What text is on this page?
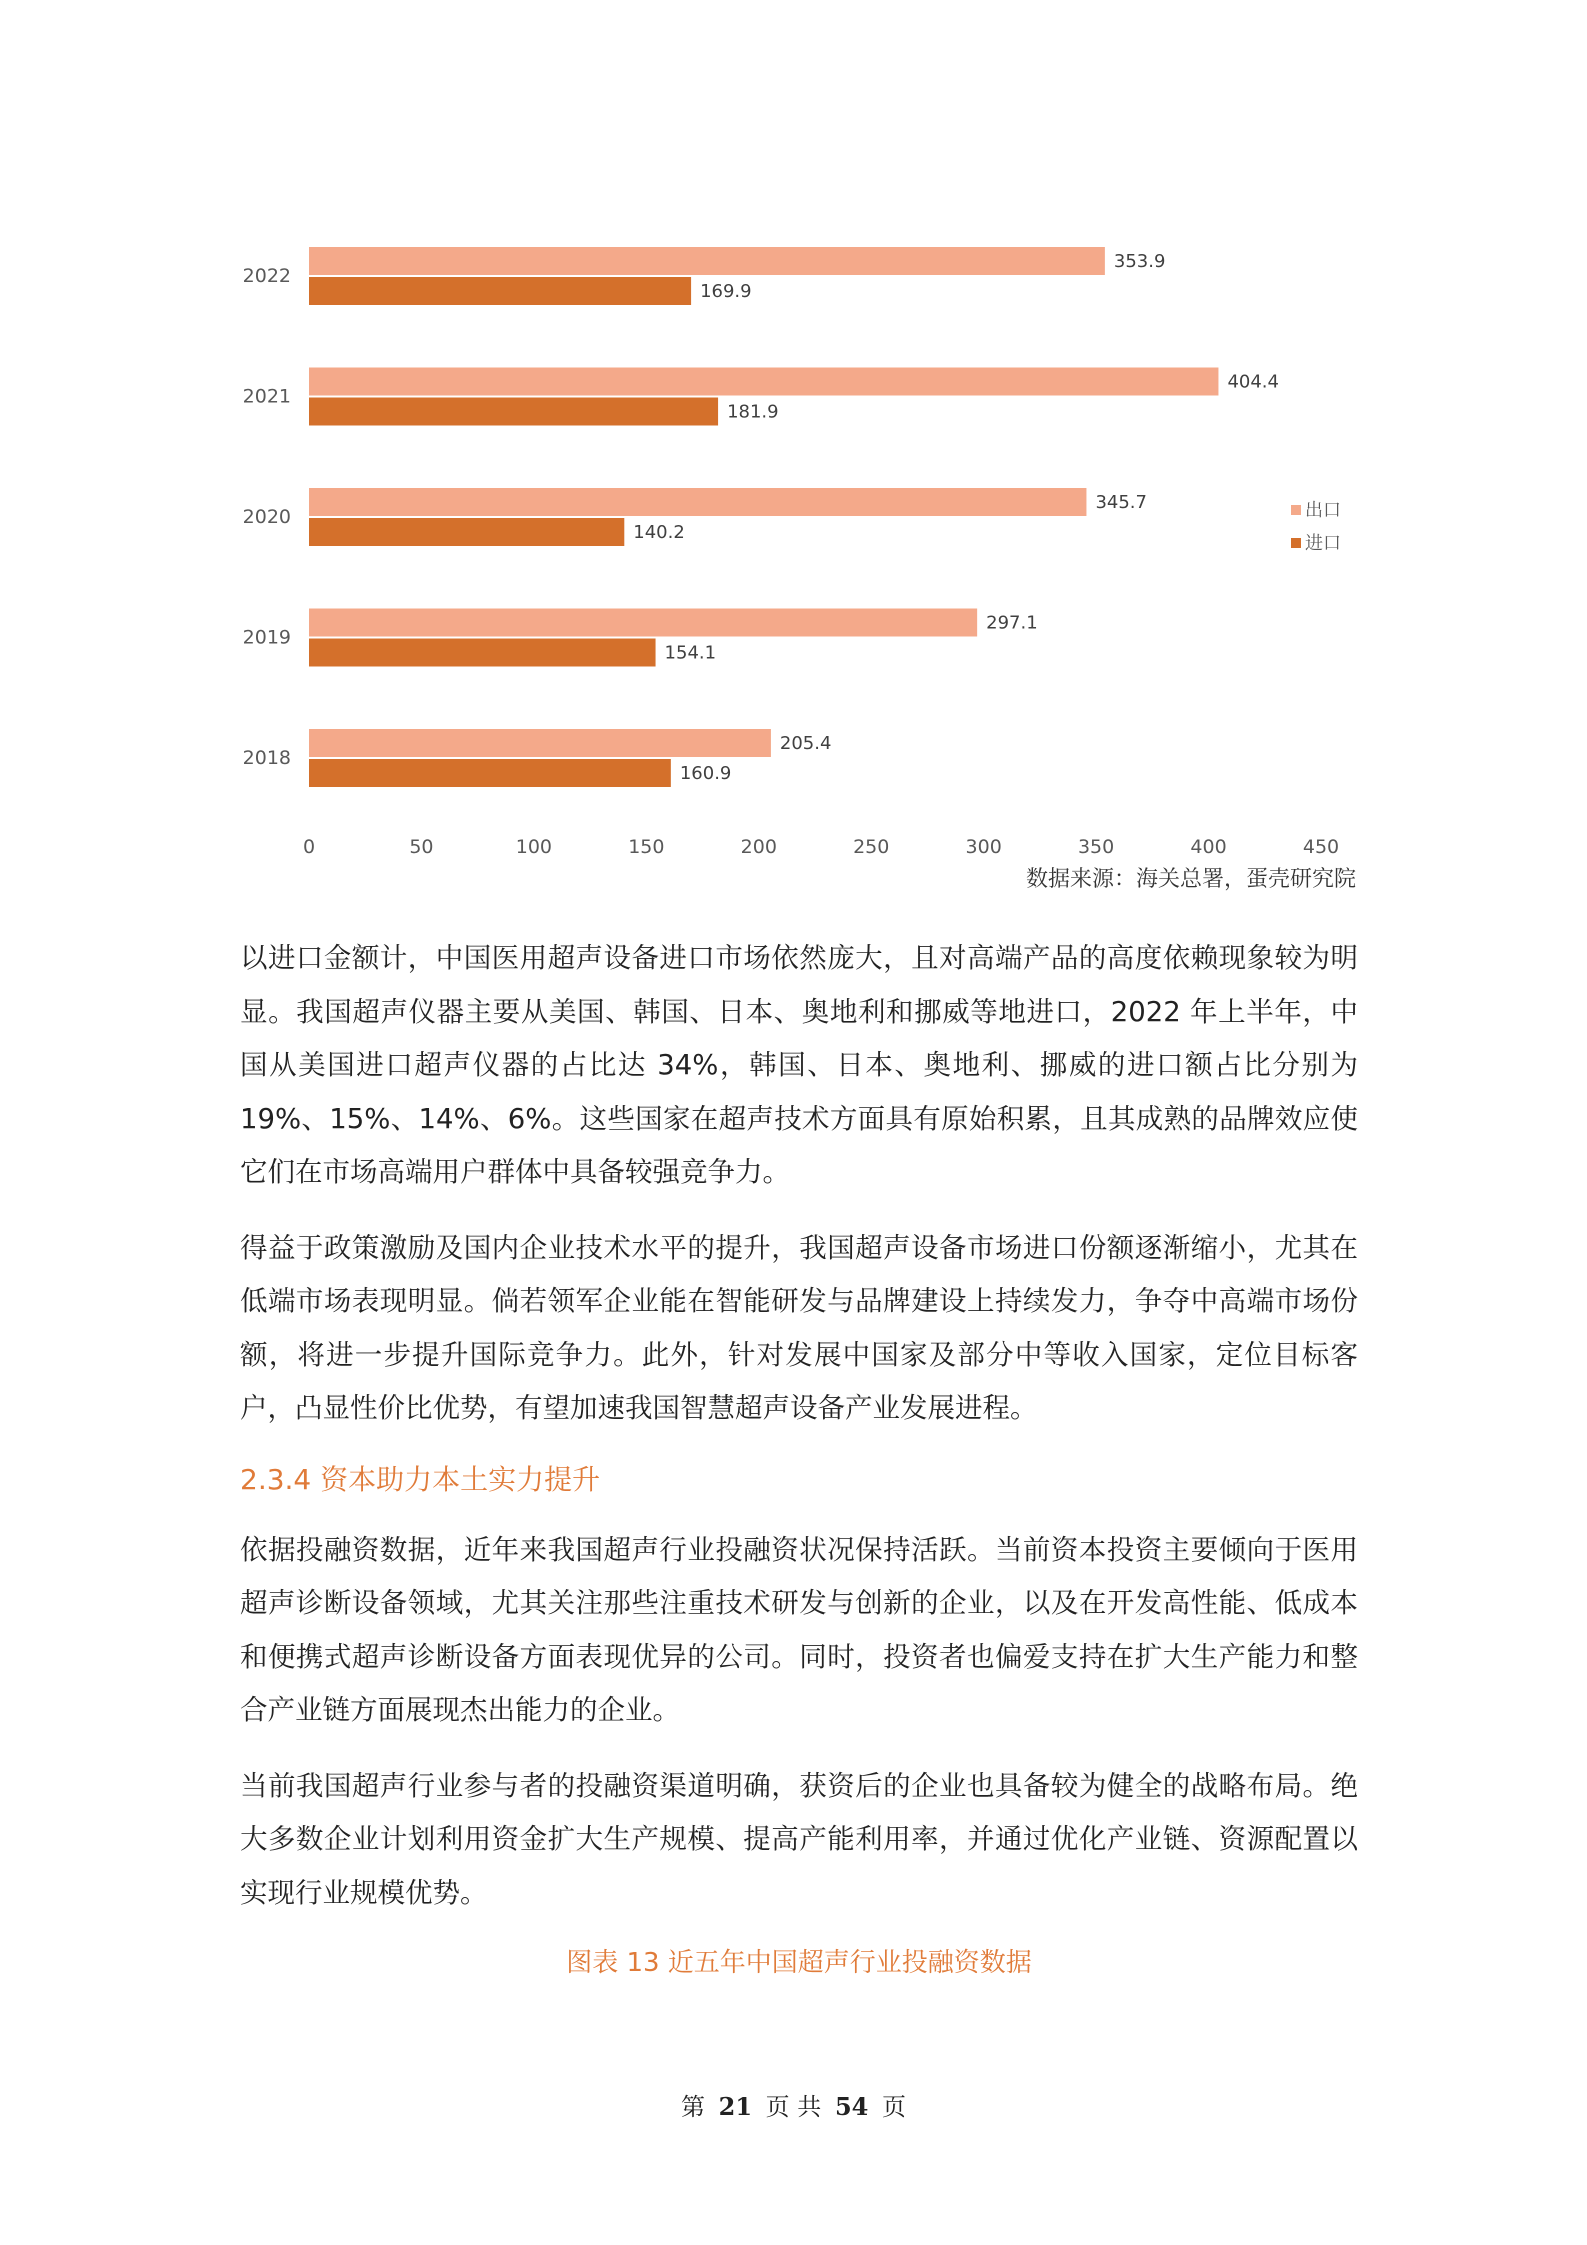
2022
353.9
169.9
2021
404.4
181.9
2020
345.7
140.2
2019
297.1
154.1
2018
205.4
160.9
0	50	100	150	200	250	300	350	400	450
出口
进口
数据来源：海关总署，蛋壳研究院

以进口金额计，中国医用超声设备进口市场依然庞大，且对高端产品的高度依赖现象较为明显。我国超声仪器主要从美国、韩国、日本、奥地利和挪威等地进口，2022 年上半年，中国从美国进口超声仪器的占比达 34%，韩国、日本、奥地利、挪威的进口额占比分别为 19%、15%、14%、6%。这些国家在超声技术方面具有原始积累，且其成熟的品牌效应使它们在市场高端用户群体中具备较强竞争力。

得益于政策激励及国内企业技术水平的提升，我国超声设备市场进口份额逐渐缩小，尤其在低端市场表现明显。倘若领军企业能在智能研发与品牌建设上持续发力，争夺中高端市场份额，将进一步提升国际竞争力。此外，针对发展中国家及部分中等收入国家，定位目标客户，凸显性价比优势，有望加速我国智慧超声设备产业发展进程。

2.3.4 资本助力本土实力提升

依据投融资数据，近年来我国超声行业投融资状况保持活跃。当前资本投资主要倾向于医用超声诊断设备领域，尤其关注那些注重技术研发与创新的企业，以及在开发高性能、低成本和便携式超声诊断设备方面表现优异的公司。同时，投资者也偏爱支持在扩大生产能力和整合产业链方面展现杰出能力的企业。

当前我国超声行业参与者的投融资渠道明确，获资后的企业也具备较为健全的战略布局。绝大多数企业计划利用资金扩大生产规模、提高产能利用率，并通过优化产业链、资源配置以实现行业规模优势。

图表 13 近五年中国超声行业投融资数据
第 21 页 共 54 页
